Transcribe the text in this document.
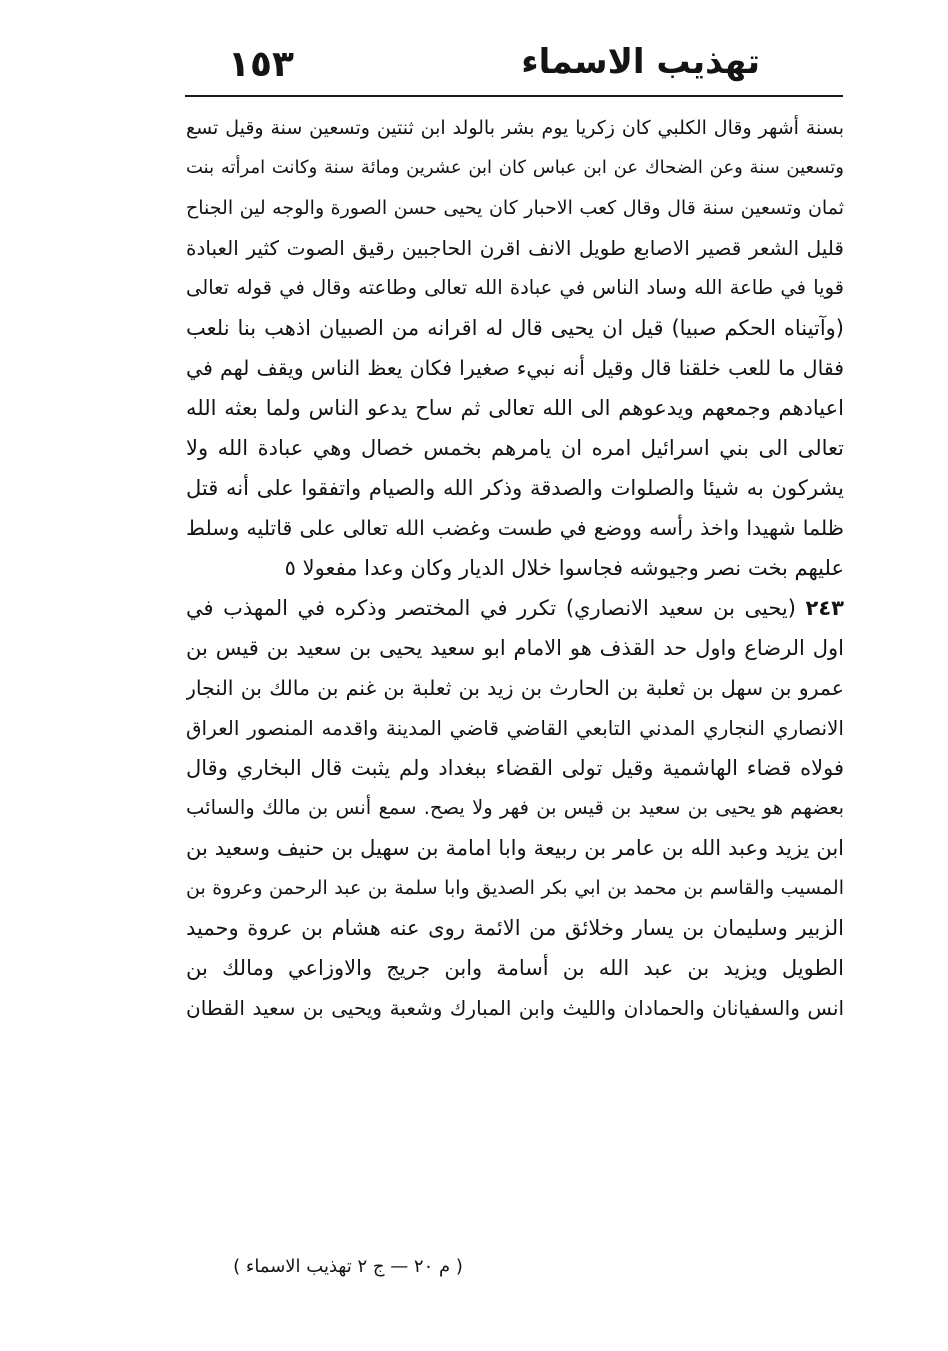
١٥٣	تهذيب الاسماء
بسنة أشهر وقال الكلبي كان زكريا يوم بشر بالولد ابن ثنتين وتسعين سنة وقيل تسع
وتسعين سنة وعن الضحاك عن ابن عباس كان ابن عشرين ومائة سنة وكانت امرأته بنت
ثمان وتسعين سنة قال وقال كعب الاحبار كان يحيى حسن الصورة والوجه لين الجناح
قليل الشعر قصير الاصابع طويل الانف اقرن الحاجبين رقيق الصوت كثير العبادة
قويا في طاعة الله وساد الناس في عبادة الله تعالى وطاعته وقال في قوله تعالى
(وآتيناه الحكم صبيا) قيل ان يحيى قال له اقرانه من الصبيان اذهب بنا نلعب
فقال ما للعب خلقنا قال وقيل أنه نبيء صغيرا فكان يعظ الناس ويقف لهم في
اعيادهم وجمعهم ويدعوهم الى الله تعالى ثم ساح يدعو الناس ولما بعثه الله
تعالى الى بني اسرائيل امره ان يامرهم بخمس خصال وهي عبادة الله ولا
يشركون به شيئا والصلوات والصدقة وذكر الله والصيام واتفقوا على أنه قتل
ظلما شهيدا واخذ رأسه ووضع في طست وغضب الله تعالى على قاتليه وسلط
عليهم بخت نصر وجيوشه فجاسوا خلال الديار وكان وعدا مفعولا ٥
٢٤٣ (يحيى بن سعيد الانصاري) تكرر في المختصر وذكره في المهذب في
اول الرضاع واول حد القذف هو الامام ابو سعيد يحيى بن سعيد بن قيس بن
عمرو بن سهل بن ثعلبة بن الحارث بن زيد بن ثعلبة بن غنم بن مالك بن النجار
الانصاري النجاري المدني التابعي القاضي قاضي المدينة واقدمه المنصور العراق
فولاه قضاء الهاشمية وقيل تولى القضاء ببغداد ولم يثبت قال البخاري وقال
بعضهم هو يحيى بن سعيد بن قيس بن فهر ولا يصح. سمع أنس بن مالك والسائب
ابن يزيد وعبد الله بن عامر بن ربيعة وابا امامة بن سهيل بن حنيف وسعيد بن
المسيب والقاسم بن محمد بن ابي بكر الصديق وابا سلمة بن عبد الرحمن وعروة بن
الزبير وسليمان بن يسار وخلائق من الائمة روى عنه هشام بن عروة وحميد
الطويل ويزيد بن عبد الله بن أسامة وابن جريج والاوزاعي ومالك بن
انس والسفيانان والحمادان والليث وابن المبارك وشعبة ويحيى بن سعيد القطان
( م ٢٠ — ج ٢ تهذيب الاسماء )
